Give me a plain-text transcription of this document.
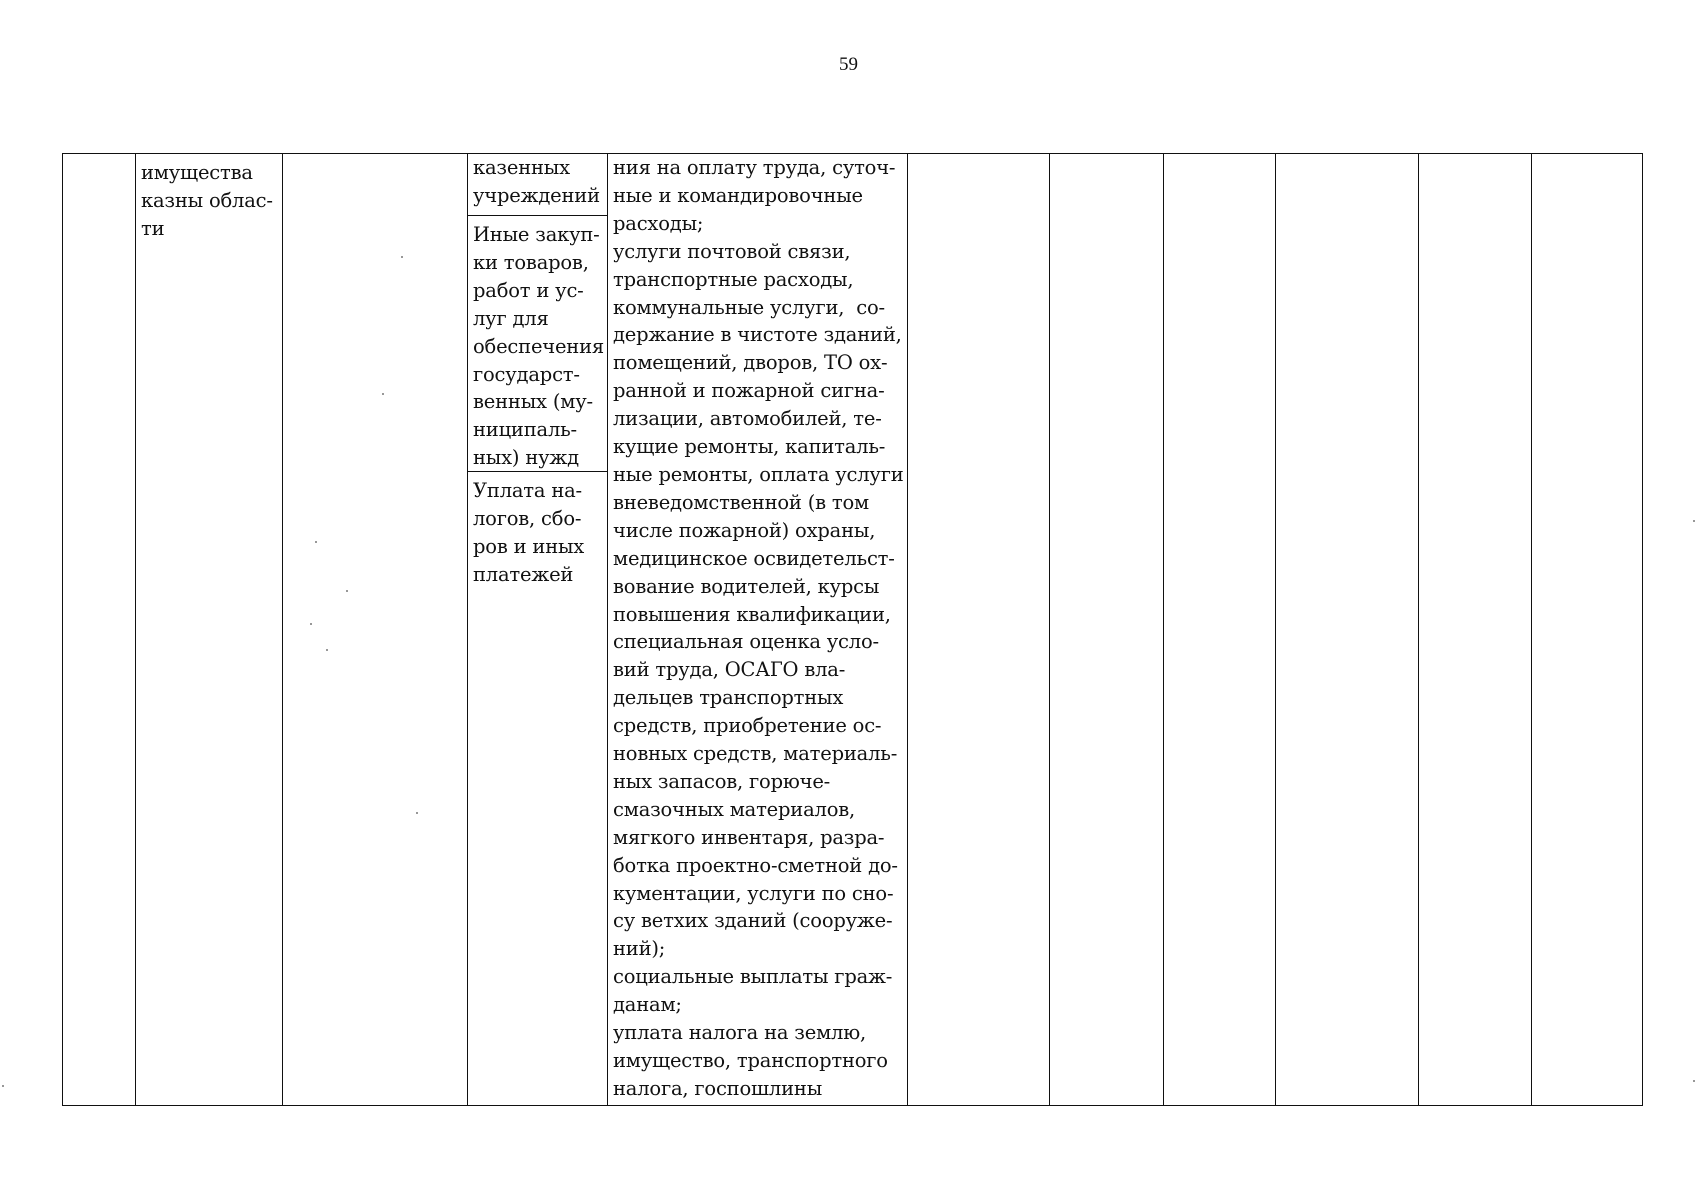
59
имущества
казны облас-
ти
казенных
учреждений
Иные закуп-
ки товаров,
работ и ус-
луг для
обеспечения
государст-
венных (му-
ниципаль-
ных) нужд
Уплата на-
логов, сбо-
ров и иных
платежей
ния на оплату труда, суточ-
ные и командировочные
расходы;
услуги почтовой связи,
транспортные расходы,
коммунальные услуги,  со-
держание в чистоте зданий,
помещений, дворов, ТО ох-
ранной и пожарной сигна-
лизации, автомобилей, те-
кущие ремонты, капиталь-
ные ремонты, оплата услуги
вневедомственной (в том
числе пожарной) охраны,
медицинское освидетельст-
вование водителей, курсы
повышения квалификации,
специальная оценка усло-
вий труда, ОСАГО вла-
дельцев транспортных
средств, приобретение ос-
новных средств, материаль-
ных запасов, горюче-
смазочных материалов,
мягкого инвентаря, разра-
ботка проектно-сметной до-
кументации, услуги по сно-
су ветхих зданий (сооруже-
ний);
социальные выплаты граж-
данам;
уплата налога на землю,
имущество, транспортного
налога, госпошлины
